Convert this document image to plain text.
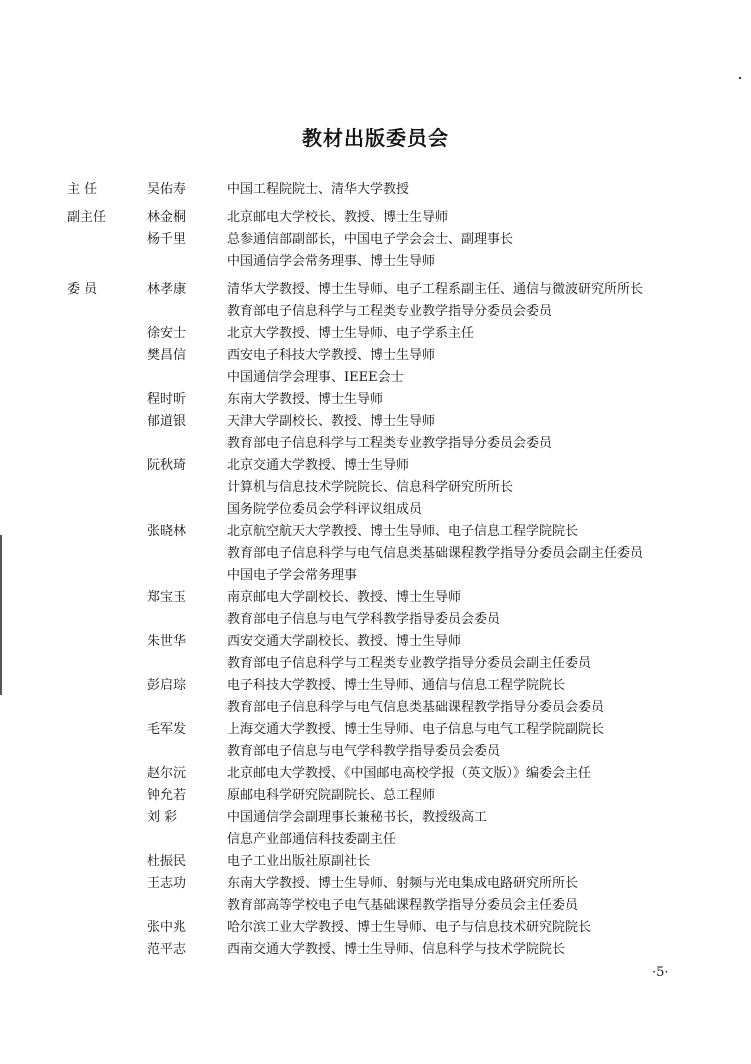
教材出版委员会
主 任	吴佑寿	中国工程院院士、清华大学教授
副主任	林金桐	北京邮电大学校长、教授、博士生导师
杨千里	总参通信部副部长，中国电子学会会士、副理事长
中国通信学会常务理事、博士生导师
委 员	林孝康	清华大学教授、博士生导师、电子工程系副主任、通信与微波研究所所长
教育部电子信息科学与工程类专业教学指导分委员会委员
徐安士	北京大学教授、博士生导师、电子学系主任
樊昌信	西安电子科技大学教授、博士生导师
中国通信学会理事、IEEE会士
程时昕	东南大学教授、博士生导师
郁道银	天津大学副校长、教授、博士生导师
教育部电子信息科学与工程类专业教学指导分委员会委员
阮秋琦	北京交通大学教授、博士生导师
计算机与信息技术学院院长、信息科学研究所所长
国务院学位委员会学科评议组成员
张晓林	北京航空航天大学教授、博士生导师、电子信息工程学院院长
教育部电子信息科学与电气信息类基础课程教学指导分委员会副主任委员
中国电子学会常务理事
郑宝玉	南京邮电大学副校长、教授、博士生导师
教育部电子信息与电气学科教学指导委员会委员
朱世华	西安交通大学副校长、教授、博士生导师
教育部电子信息科学与工程类专业教学指导分委员会副主任委员
彭启琮	电子科技大学教授、博士生导师、通信与信息工程学院院长
教育部电子信息科学与电气信息类基础课程教学指导分委员会委员
毛军发	上海交通大学教授、博士生导师、电子信息与电气工程学院副院长
教育部电子信息与电气学科教学指导委员会委员
赵尔沅	北京邮电大学教授、《中国邮电高校学报（英文版）》编委会主任
钟允若	原邮电科学研究院副院长、总工程师
刘 彩	中国通信学会副理事长兼秘书长，教授级高工
信息产业部通信科技委副主任
杜振民	电子工业出版社原副社长
王志功	东南大学教授、博士生导师、射频与光电集成电路研究所所长
教育部高等学校电子电气基础课程教学指导分委员会主任委员
张中兆	哈尔滨工业大学教授、博士生导师、电子与信息技术研究院院长
范平志	西南交通大学教授、博士生导师、信息科学与技术学院院长
·5·
